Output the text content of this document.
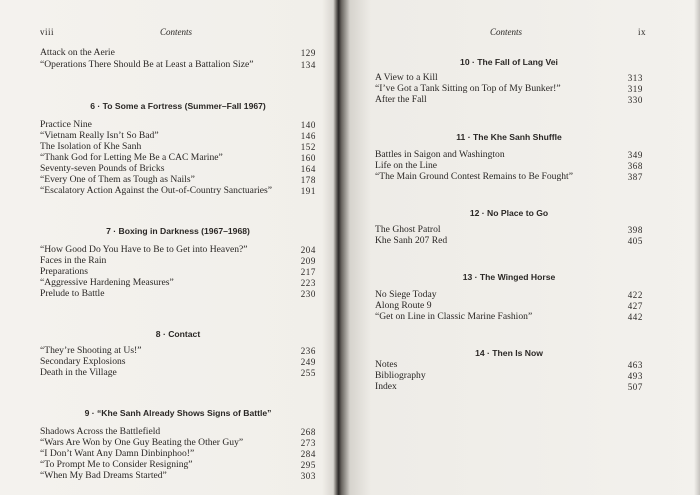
viii	Contents
Attack on the Aerie	129
“Operations There Should Be at Least a Battalion Size”	134
6 · To Some a Fortress (Summer–Fall 1967)
Practice Nine	140
“Vietnam Really Isn’t So Bad”	146
The Isolation of Khe Sanh	152
“Thank God for Letting Me Be a CAC Marine”	160
Seventy-seven Pounds of Bricks	164
“Every One of Them as Tough as Nails”	178
“Escalatory Action Against the Out-of-Country Sanctuaries”	191
7 · Boxing in Darkness (1967–1968)
“How Good Do You Have to Be to Get into Heaven?”	204
Faces in the Rain	209
Preparations	217
“Aggressive Hardening Measures”	223
Prelude to Battle	230
8 · Contact
“They’re Shooting at Us!”	236
Secondary Explosions	249
Death in the Village	255
9 · “Khe Sanh Already Shows Signs of Battle”
Shadows Across the Battlefield	268
“Wars Are Won by One Guy Beating the Other Guy”	273
“I Don’t Want Any Damn Dinbinphoo!”	284
“To Prompt Me to Consider Resigning”	295
“When My Bad Dreams Started”	303
Contents	ix
10 · The Fall of Lang Vei
A View to a Kill	313
“I’ve Got a Tank Sitting on Top of My Bunker!”	319
After the Fall	330
11 · The Khe Sanh Shuffle
Battles in Saigon and Washington	349
Life on the Line	368
“The Main Ground Contest Remains to Be Fought”	387
12 · No Place to Go
The Ghost Patrol	398
Khe Sanh 207 Red	405
13 · The Winged Horse
No Siege Today	422
Along Route 9	427
“Get on Line in Classic Marine Fashion”	442
14 · Then Is Now
Notes	463
Bibliography	493
Index	507
